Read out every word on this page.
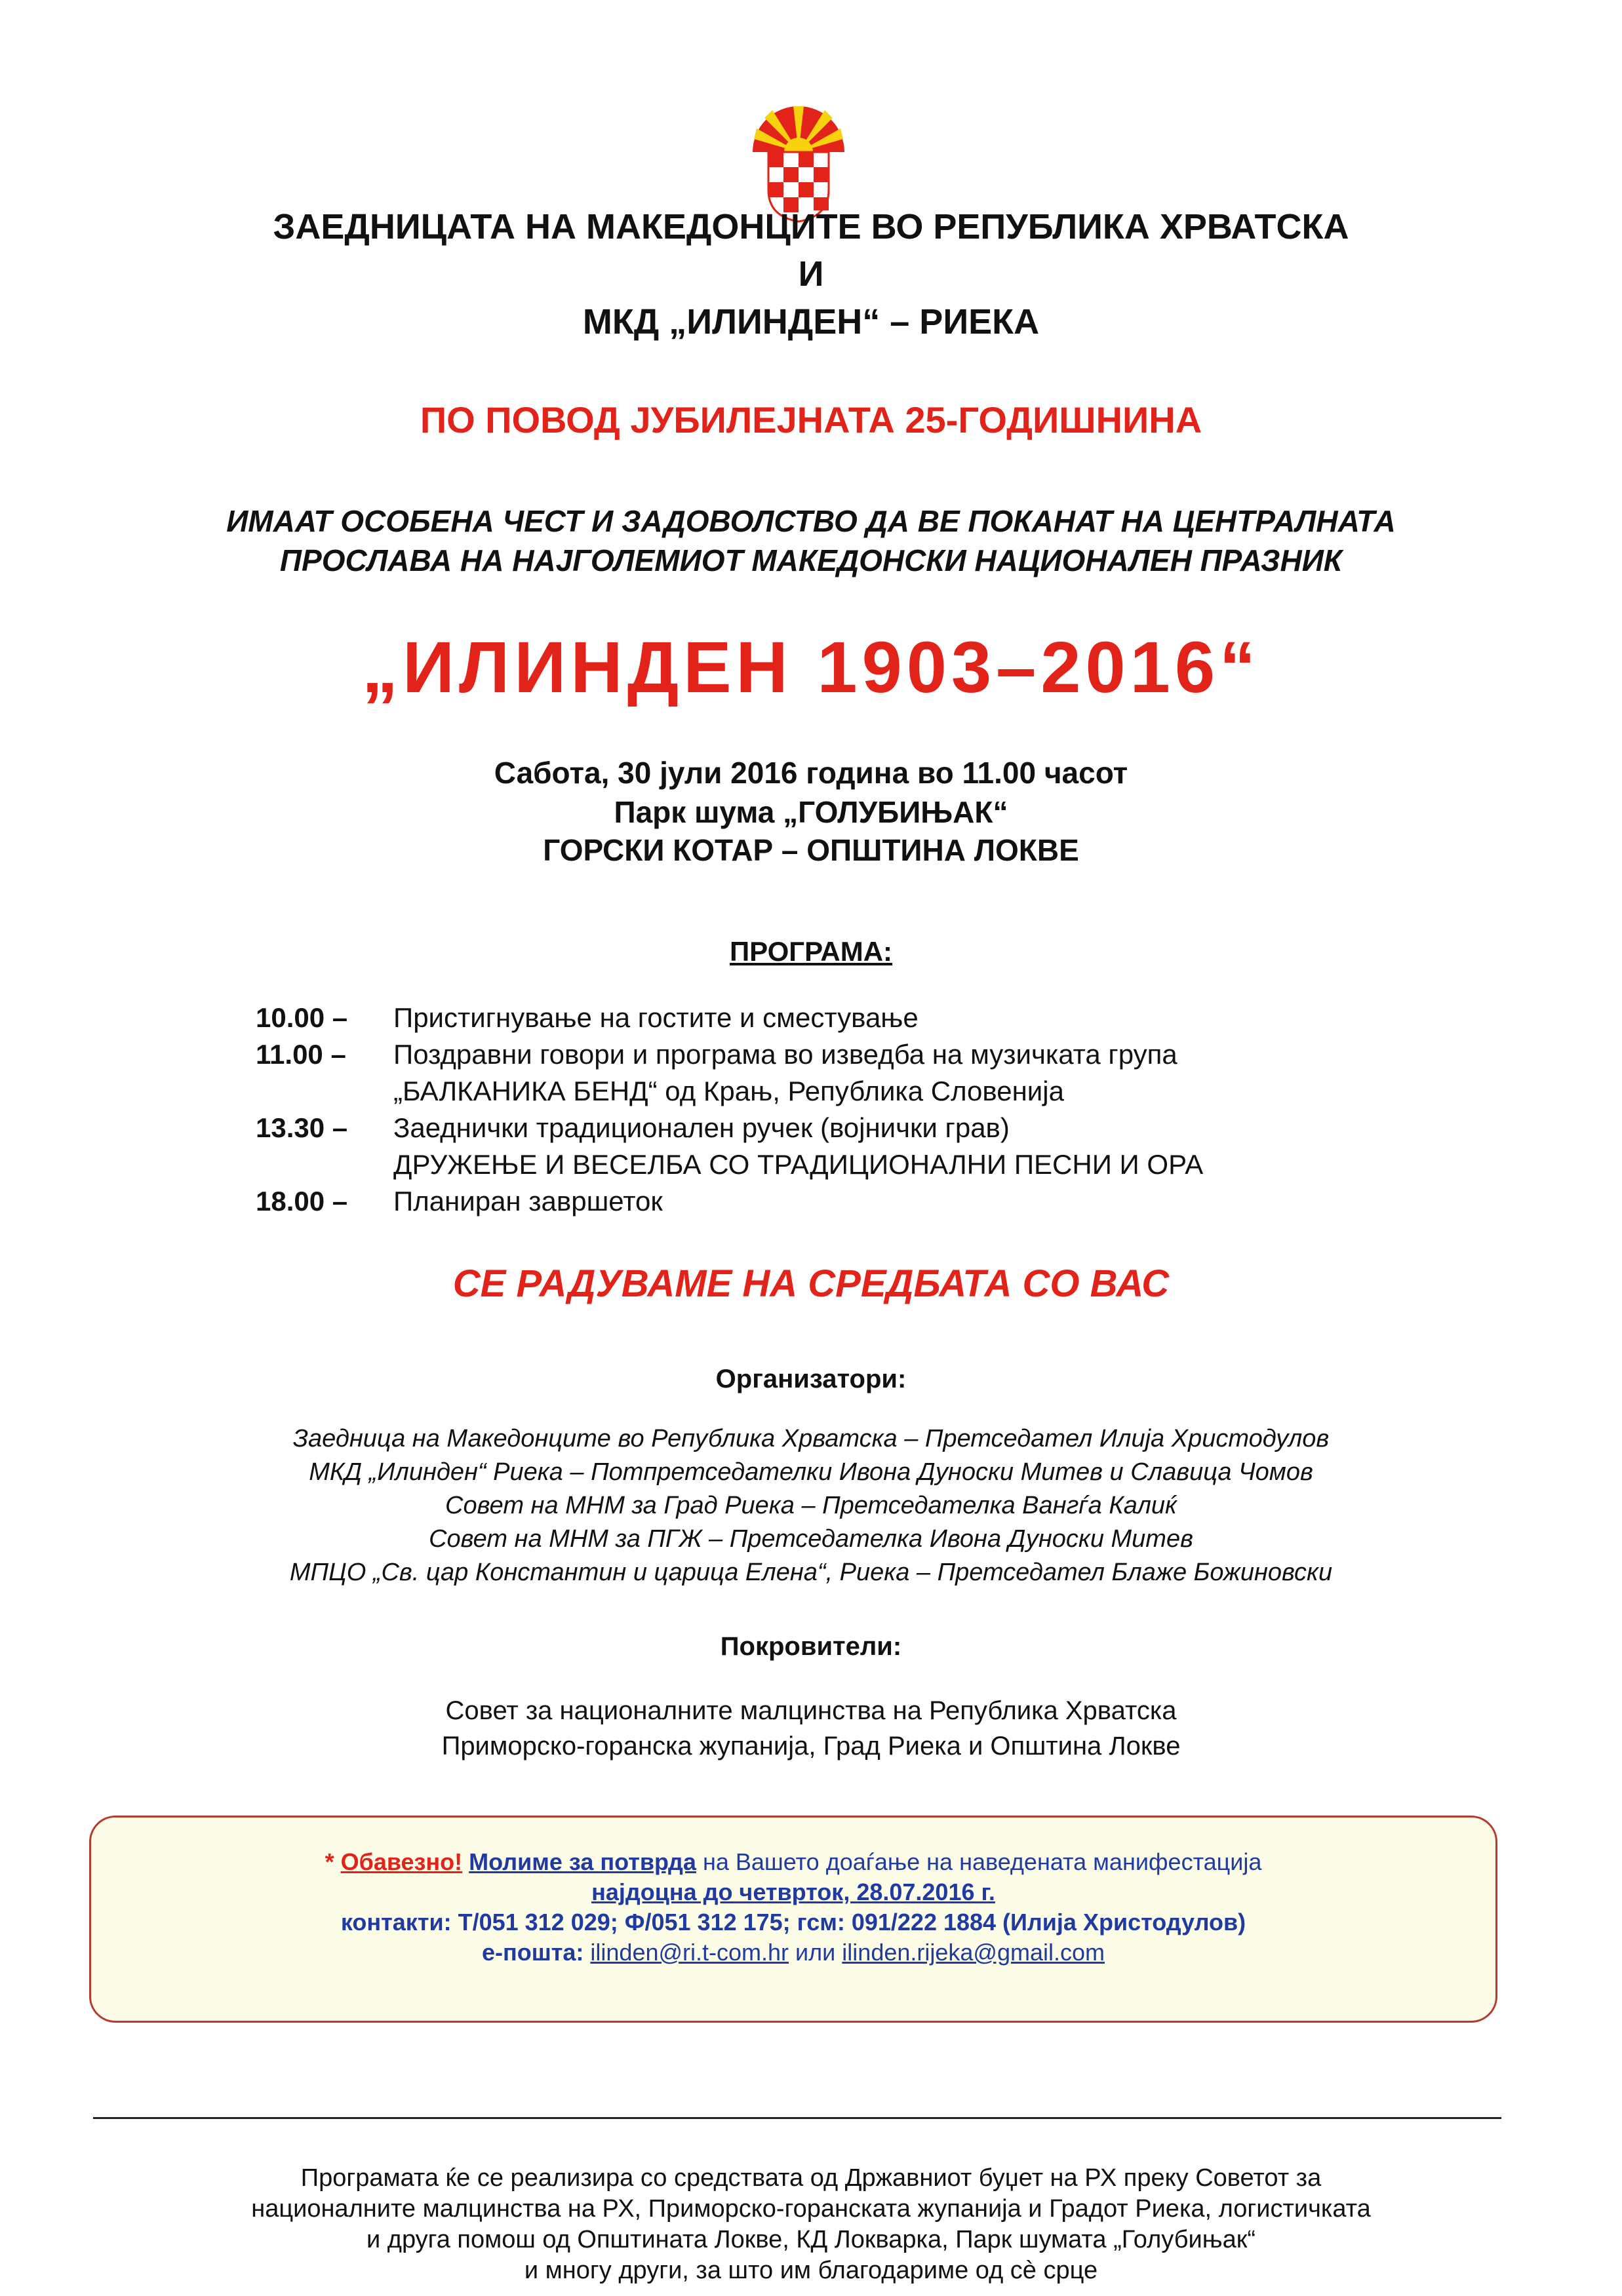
ЗАЕДНИЦАТА НА МАКЕДОНЦИТЕ ВО РЕПУБЛИКА ХРВАТСКА
И
МКД „ИЛИНДЕН“ – РИЕКА
ПО ПОВОД ЈУБИЛЕЈНАТА 25-ГОДИШНИНА
ИМААТ ОСОБЕНА ЧЕСТ И ЗАДОВОЛСТВО ДА ВЕ ПОКАНАТ НА ЦЕНТРАЛНАТА
ПРОСЛАВА НА НАЈГОЛЕМИОТ МАКЕДОНСКИ НАЦИОНАЛЕН ПРАЗНИК
„ИЛИНДЕН 1903–2016“
Сабота, 30 јули 2016 година во 11.00 часот
Парк шума „ГОЛУБИЊАК“
ГОРСКИ КОТАР – ОПШТИНА ЛОКВЕ
ПРОГРАМА:
10.00 –	Пристигнување на гостите и сместување
11.00 –	Поздравни говори и програма во изведба на музичката група
„БАЛКАНИКА БЕНД“ од Крањ, Република Словенија
13.30 –	Заеднички традиционален ручек (војнички грав)
ДРУЖЕЊЕ И ВЕСЕЛБА СО ТРАДИЦИОНАЛНИ ПЕСНИ И ОРА
18.00 –	Планиран завршеток
СЕ РАДУВАМЕ НА СРЕДБАТА СО ВАС
Организатори:
Заедница на Македонците во Република Хрватска – Претседател Илија Христодулов
МКД „Илинден“ Риека – Потпретседателки Ивона Дуноски Митев и Славица Чомов
Совет на МНМ за Град Риека – Претседателка Вангѓа Калиќ
Совет на МНМ за ПГЖ – Претседателка Ивона Дуноски Митев
МПЦО „Св. цар Константин и царица Елена“, Риека – Претседател Блаже Божиновски
Покровители:
Совет за националните малцинства на Република Хрватска
Приморско-горанска жупанија, Град Риека и Општина Локве
* Обавезно! Молиме за потврда на Вашето доаѓање на наведената манифестација
најдоцна до четврток, 28.07.2016 г.
контакти: Т/051 312 029; Ф/051 312 175; гсм: 091/222 1884 (Илија Христодулов)
е-пошта: ilinden@ri.t-com.hr или ilinden.rijeka@gmail.com
Програмата ќе се реализира со средствата од Државниот буџет на РХ преку Советот за
националните малцинства на РХ, Приморско-горанската жупанија и Градот Риека, логистичката
и друга помош од Општината Локве, КД Локварка, Парк шумата „Голубињак“
и многу други, за што им благодариме од сè срце
